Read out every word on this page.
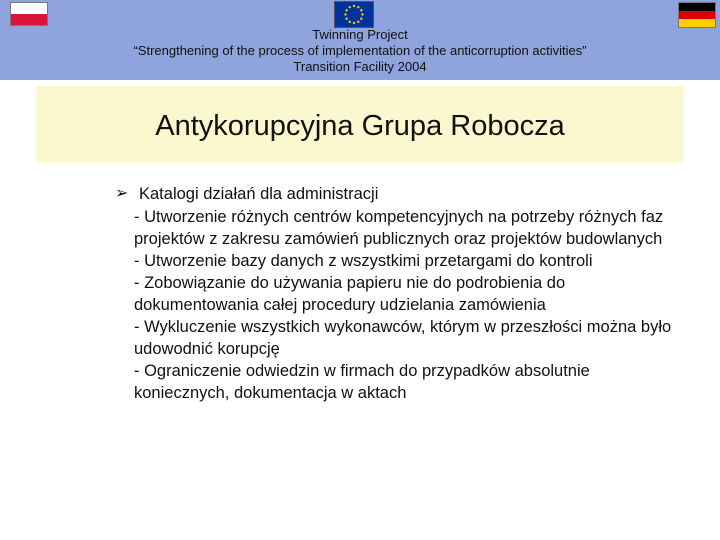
Twinning Project
“Strengthening of the process of implementation of the anticorruption activities”
Transition Facility 2004
Antykorupcyjna Grupa Robocza
➢ Katalogi działań dla administracji
- Utworzenie różnych centrów kompetencyjnych na potrzeby różnych faz projektów z zakresu zamówień publicznych oraz projektów budowlanych
- Utworzenie bazy danych z wszystkimi przetargami do kontroli
- Zobowiązanie do używania papieru nie do podrobienia do dokumentowania całej procedury udzielania zamówienia
- Wykluczenie wszystkich wykonawców, którym w przeszłości można było udowodnić korupcję
- Ograniczenie odwiedzin w firmach do przypadków absolutnie koniecznych, dokumentacja w aktach
